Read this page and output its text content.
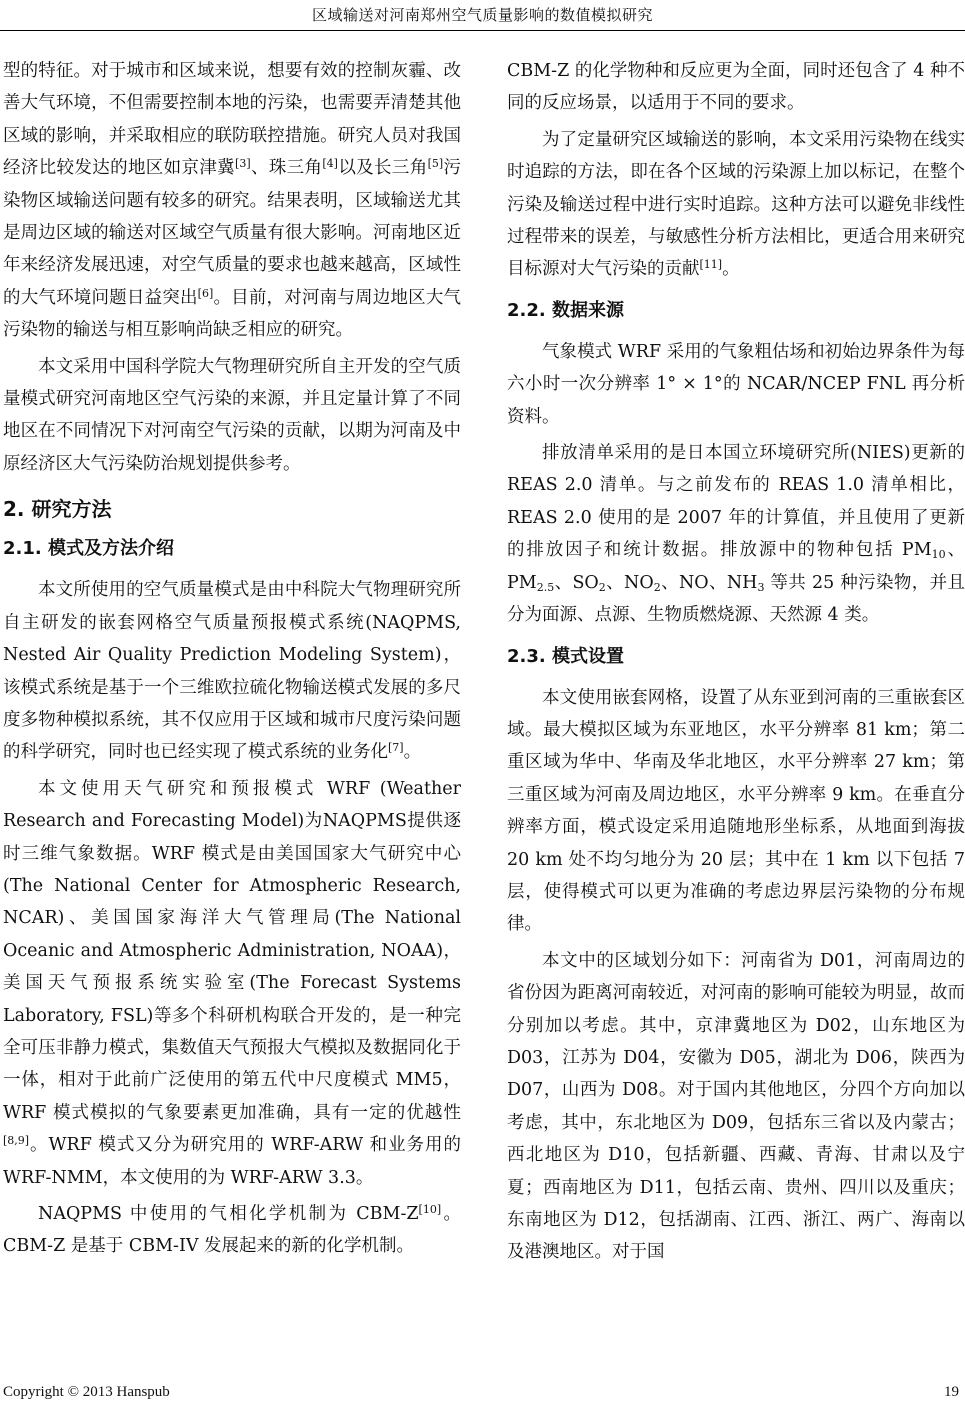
区域输送对河南郑州空气质量影响的数值模拟研究

型的特征。对于城市和区域来说，想要有效的控制灰霾、改善大气环境，不但需要控制本地的污染，也需要弄清楚其他区域的影响，并采取相应的联防联控措施。研究人员对我国经济比较发达的地区如京津冀[3]、珠三角[4]以及长三角[5]污染物区域输送问题有较多的研究。结果表明，区域输送尤其是周边区域的输送对区域空气质量有很大影响。河南地区近年来经济发展迅速，对空气质量的要求也越来越高，区域性的大气环境问题日益突出[6]。目前，对河南与周边地区大气污染物的输送与相互影响尚缺乏相应的研究。

本文采用中国科学院大气物理研究所自主开发的空气质量模式研究河南地区空气污染的来源，并且定量计算了不同地区在不同情况下对河南空气污染的贡献，以期为河南及中原经济区大气污染防治规划提供参考。

2. 研究方法
2.1. 模式及方法介绍

本文所使用的空气质量模式是由中科院大气物理研究所自主研发的嵌套网格空气质量预报模式系统(NAQPMS, Nested Air Quality Prediction Modeling System)，该模式系统是基于一个三维欧拉硫化物输送模式发展的多尺度多物种模拟系统，其不仅应用于区域和城市尺度污染问题的科学研究，同时也已经实现了模式系统的业务化[7]。

本文使用天气研究和预报模式 WRF (Weather Research and Forecasting Model)为NAQPMS提供逐时三维气象数据。WRF 模式是由美国国家大气研究中心(The National Center for Atmospheric Research, NCAR)、美国国家海洋大气管理局(The National Oceanic and Atmospheric Administration, NOAA)，美国天气预报系统实验室(The Forecast Systems Laboratory, FSL)等多个科研机构联合开发的，是一种完全可压非静力模式，集数值天气预报大气模拟及数据同化于一体，相对于此前广泛使用的第五代中尺度模式 MM5，WRF 模式模拟的气象要素更加准确，具有一定的优越性[8,9]。WRF 模式又分为研究用的 WRF-ARW 和业务用的 WRF-NMM，本文使用的为 WRF-ARW 3.3。

NAQPMS 中使用的气相化学机制为 CBM-Z[10]。CBM-Z 是基于 CBM-IV 发展起来的新的化学机制。

CBM-Z 的化学物种和反应更为全面，同时还包含了 4 种不同的反应场景，以适用于不同的要求。

为了定量研究区域输送的影响，本文采用污染物在线实时追踪的方法，即在各个区域的污染源上加以标记，在整个污染及输送过程中进行实时追踪。这种方法可以避免非线性过程带来的误差，与敏感性分析方法相比，更适合用来研究目标源对大气污染的贡献[11]。

2.2. 数据来源

气象模式 WRF 采用的气象粗估场和初始边界条件为每六小时一次分辨率 1° × 1°的 NCAR/NCEP FNL 再分析资料。

排放清单采用的是日本国立环境研究所(NIES)更新的 REAS 2.0 清单。与之前发布的 REAS 1.0 清单相比，REAS 2.0 使用的是 2007 年的计算值，并且使用了更新的排放因子和统计数据。排放源中的物种包括 $PM_{10}$、$PM_{2.5}$、$SO_2$、$NO_2$、NO、$NH_3$ 等共 25 种污染物，并且分为面源、点源、生物质燃烧源、天然源 4 类。

2.3. 模式设置

本文使用嵌套网格，设置了从东亚到河南的三重嵌套区域。最大模拟区域为东亚地区，水平分辨率 81 km；第二重区域为华中、华南及华北地区，水平分辨率 27 km；第三重区域为河南及周边地区，水平分辨率 9 km。在垂直分辨率方面，模式设定采用追随地形坐标系，从地面到海拔 20 km 处不均匀地分为 20 层；其中在 1 km 以下包括 7 层，使得模式可以更为准确的考虑边界层污染物的分布规律。

本文中的区域划分如下：河南省为 D01，河南周边的省份因为距离河南较近，对河南的影响可能较为明显，故而分别加以考虑。其中，京津冀地区为 D02，山东地区为 D03，江苏为 D04，安徽为 D05，湖北为 D06，陕西为 D07，山西为 D08。对于国内其他地区，分四个方向加以考虑，其中，东北地区为 D09，包括东三省以及内蒙古；西北地区为 D10，包括新疆、西藏、青海、甘肃以及宁夏；西南地区为 D11，包括云南、贵州、四川以及重庆；东南地区为 D12，包括湖南、江西、浙江、两广、海南以及港澳地区。对于国

Copyright © 2013 Hanspub	19
